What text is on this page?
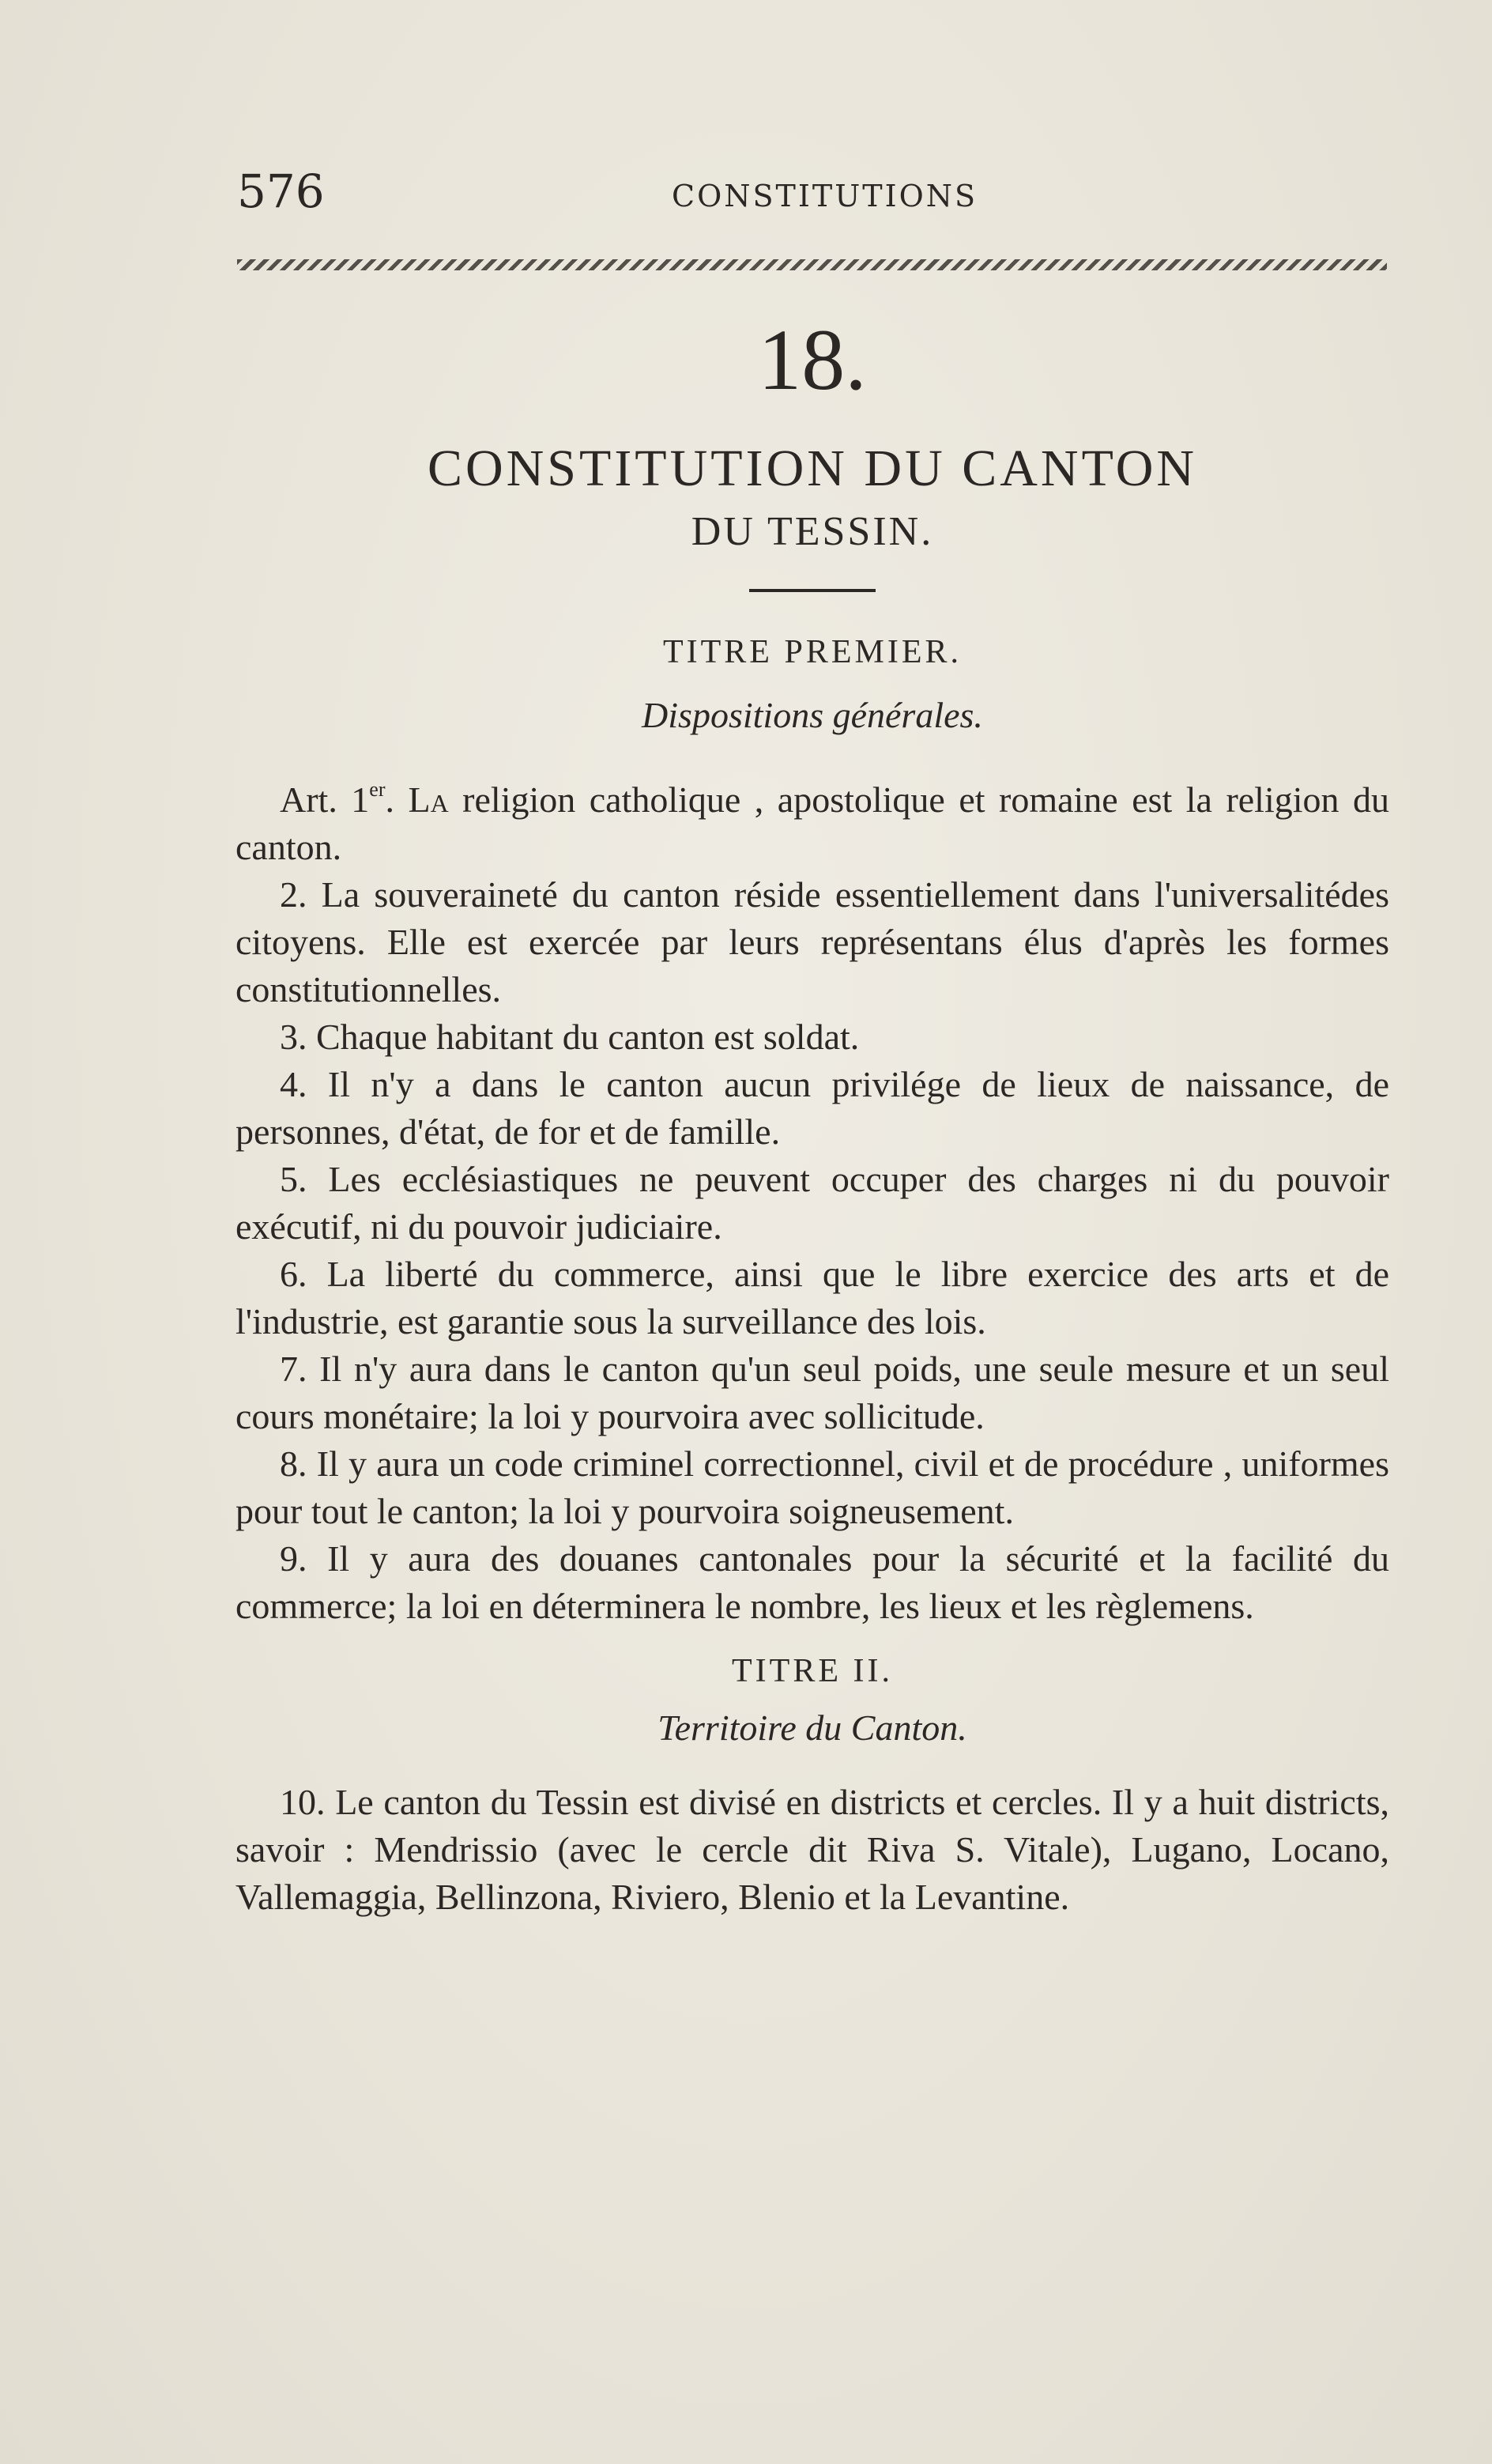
576	CONSTITUTIONS
18.
CONSTITUTION DU CANTON
DU TESSIN.
TITRE PREMIER.
Dispositions générales.

Art. 1er. La religion catholique , apostolique et romaine est la religion du canton.

2. La souveraineté du canton réside essentiellement dans l'universalitédes citoyens. Elle est exercée par leurs représentans élus d'après les formes constitutionnelles.

3. Chaque habitant du canton est soldat.

4. Il n'y a dans le canton aucun privilége de lieux de naissance, de personnes, d'état, de for et de famille.

5. Les ecclésiastiques ne peuvent occuper des charges ni du pouvoir exécutif, ni du pouvoir judiciaire.

6. La liberté du commerce, ainsi que le libre exercice des arts et de l'industrie, est garantie sous la surveillance des lois.

7. Il n'y aura dans le canton qu'un seul poids, une seule mesure et un seul cours monétaire; la loi y pourvoira avec sollicitude.

8. Il y aura un code criminel correctionnel, civil et de procédure , uniformes pour tout le canton; la loi y pourvoira soigneusement.

9. Il y aura des douanes cantonales pour la sécurité et la facilité du commerce; la loi en déterminera le nombre, les lieux et les règlemens.

TITRE II.
Territoire du Canton.

10. Le canton du Tessin est divisé en districts et cercles. Il y a huit districts, savoir : Mendrissio (avec le cercle dit Riva S. Vitale), Lugano, Locano, Vallemaggia, Bellinzona, Riviero, Blenio et la Levantine.
